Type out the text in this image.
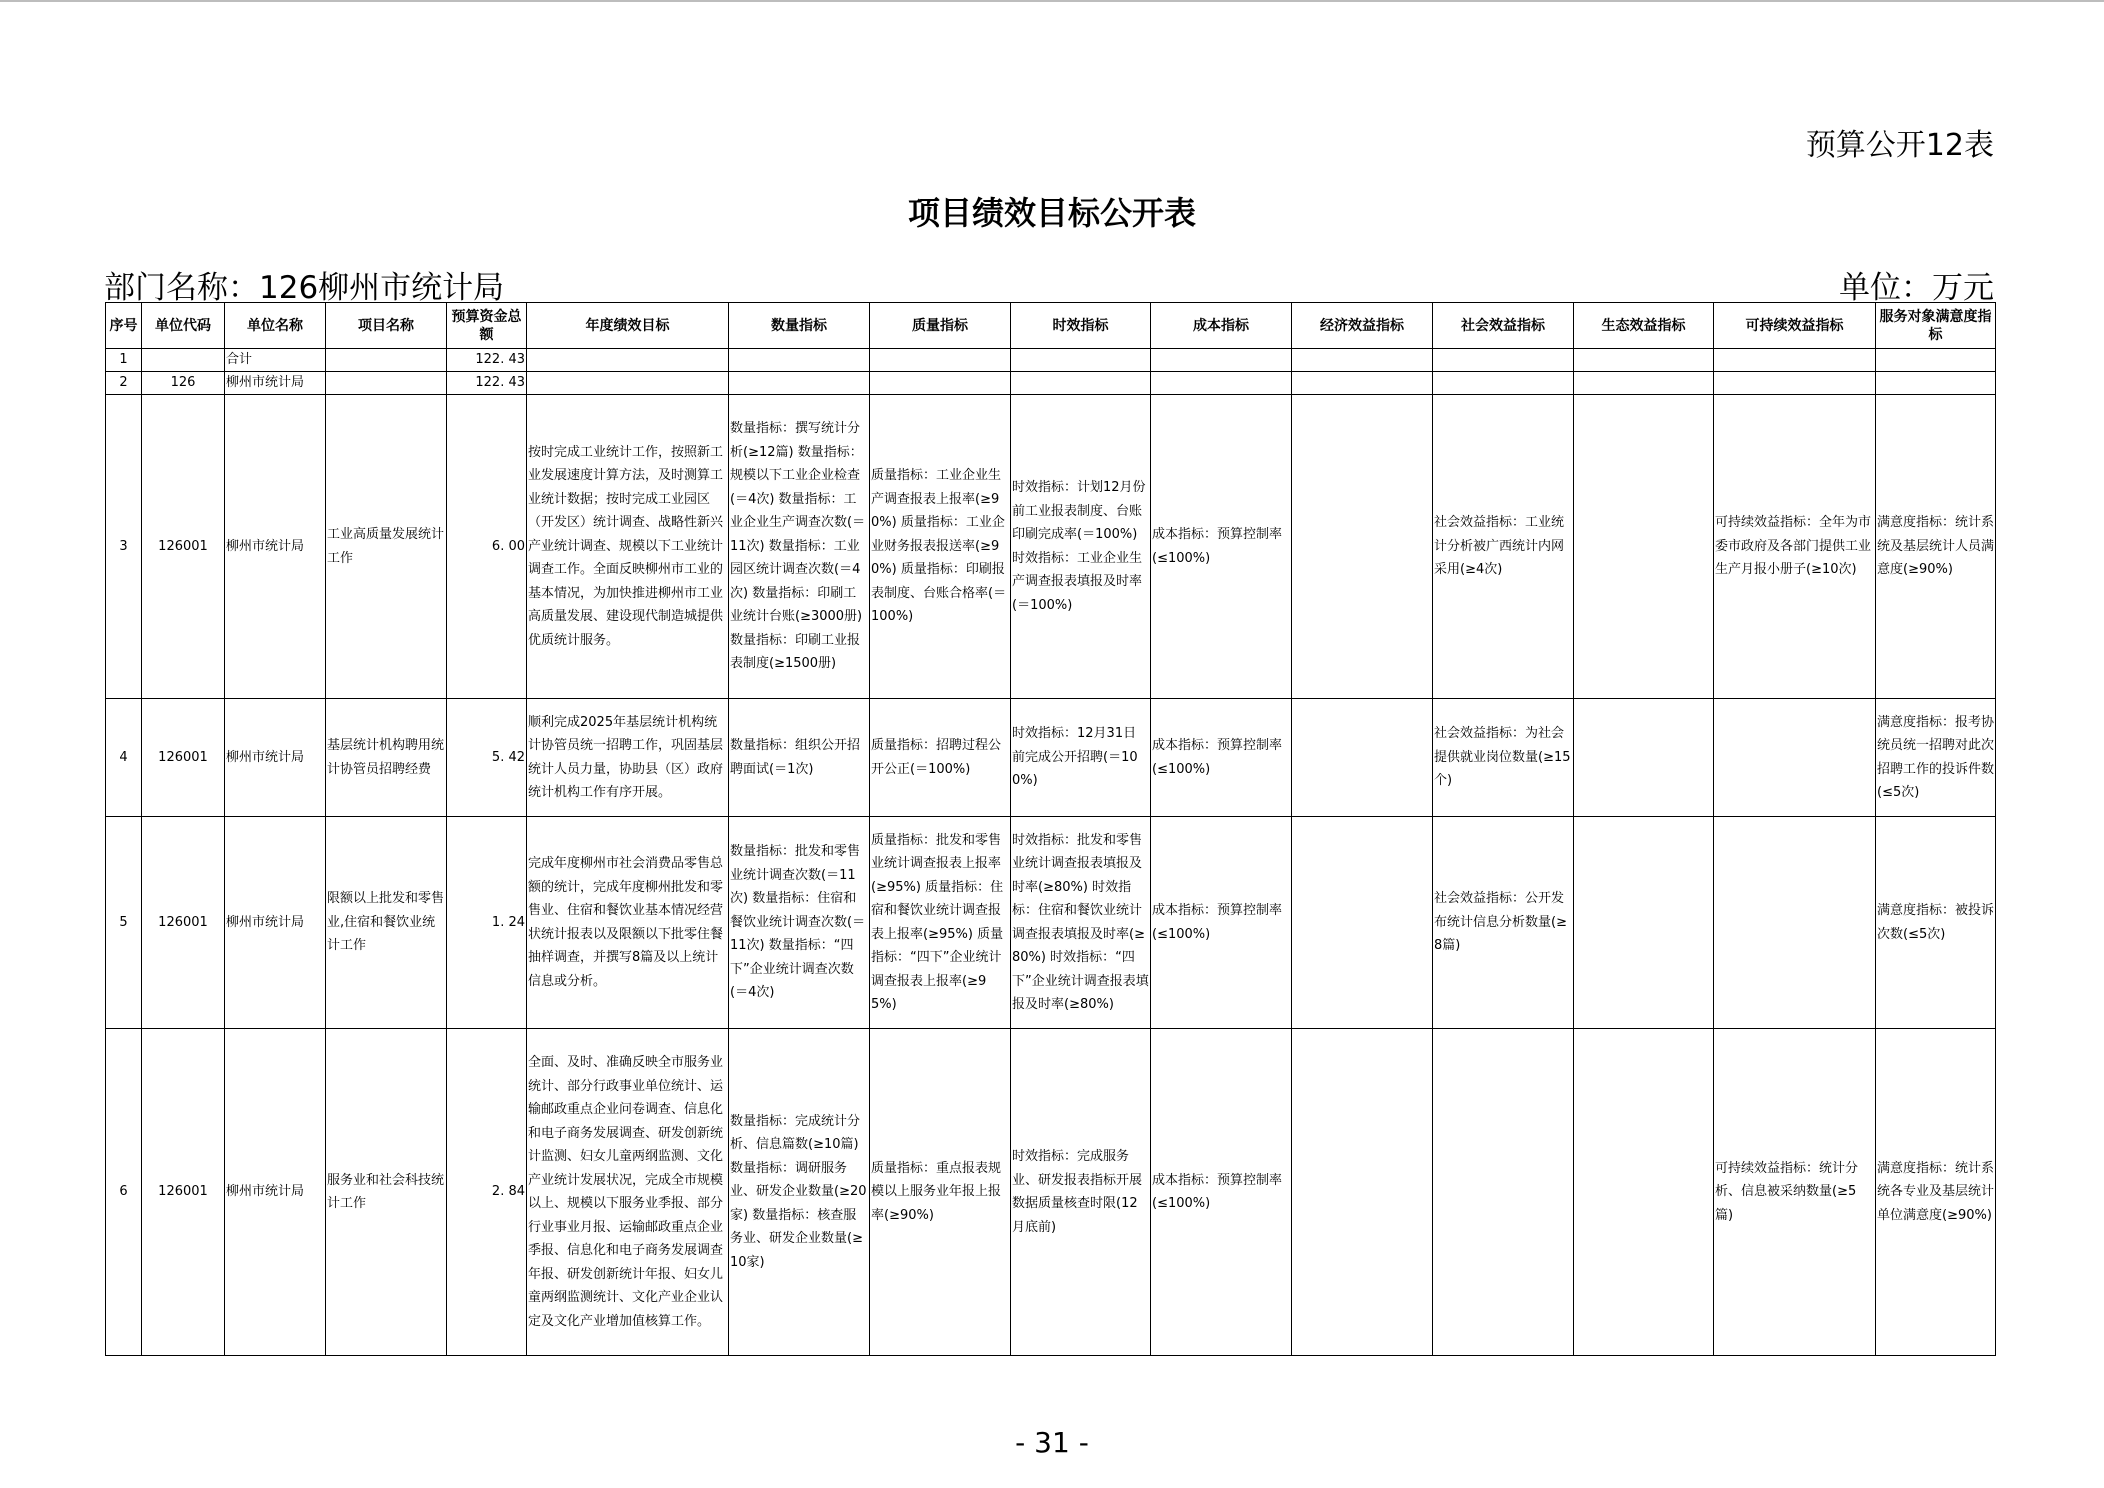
预算公开12表
项目绩效目标公开表
部门名称：126柳州市统计局	单位：万元
序号	单位代码	单位名称	项目名称	预算资金总额	年度绩效目标	数量指标	质量指标	时效指标	成本指标	经济效益指标	社会效益指标	生态效益指标	可持续效益指标	服务对象满意度指标
1		合计		122. 43										
2	126	柳州市统计局		122. 43										
3	126001	柳州市统计局	工业高质量发展统计工作	6. 00	按时完成工业统计工作，按照新工业发展速度计算方法，及时测算工业统计数据；按时完成工业园区（开发区）统计调查、战略性新兴产业统计调查、规模以下工业统计调查工作。全面反映柳州市工业的基本情况，为加快推进柳州市工业高质量发展、建设现代制造城提供优质统计服务。	数量指标：撰写统计分析(≥12篇) 数量指标：规模以下工业企业检查(＝4次) 数量指标：工业企业生产调查次数(＝11次) 数量指标：工业园区统计调查次数(＝4次) 数量指标：印刷工业统计台账(≥3000册) 数量指标：印刷工业报表制度(≥1500册)	质量指标：工业企业生产调查报表上报率(≥90%) 质量指标：工业企业财务报表报送率(≥90%) 质量指标：印刷报表制度、台账合格率(＝100%)	时效指标：计划12月份前工业报表制度、台账印刷完成率(＝100%) 时效指标：工业企业生产调查报表填报及时率(＝100%)	成本指标：预算控制率(≤100%)		社会效益指标：工业统计分析被广西统计内网采用(≥4次)		可持续效益指标：全年为市委市政府及各部门提供工业生产月报小册子(≥10次)	满意度指标：统计系统及基层统计人员满意度(≥90%)
4	126001	柳州市统计局	基层统计机构聘用统计协管员招聘经费	5. 42	顺利完成2025年基层统计机构统计协管员统一招聘工作，巩固基层统计人员力量，协助县（区）政府统计机构工作有序开展。	数量指标：组织公开招聘面试(＝1次)	质量指标：招聘过程公开公正(＝100%)	时效指标：12月31日前完成公开招聘(＝100%)	成本指标：预算控制率(≤100%)		社会效益指标：为社会提供就业岗位数量(≥15个)			满意度指标：报考协统员统一招聘对此次招聘工作的投诉件数(≤5次)
5	126001	柳州市统计局	限额以上批发和零售业,住宿和餐饮业统计工作	1. 24	完成年度柳州市社会消费品零售总额的统计，完成年度柳州批发和零售业、住宿和餐饮业基本情况经营状统计报表以及限额以下批零住餐抽样调查，并撰写8篇及以上统计信息或分析。	数量指标：批发和零售业统计调查次数(＝11次) 数量指标：住宿和餐饮业统计调查次数(＝11次) 数量指标：“四下”企业统计调查次数(＝4次)	质量指标：批发和零售业统计调查报表上报率(≥95%) 质量指标：住宿和餐饮业统计调查报表上报率(≥95%) 质量指标：“四下”企业统计调查报表上报率(≥95%)	时效指标：批发和零售业统计调查报表填报及时率(≥80%) 时效指标：住宿和餐饮业统计调查报表填报及时率(≥80%) 时效指标：“四下”企业统计调查报表填报及时率(≥80%)	成本指标：预算控制率(≤100%)		社会效益指标：公开发布统计信息分析数量(≥8篇)			满意度指标：被投诉次数(≤5次)
6	126001	柳州市统计局	服务业和社会科技统计工作	2. 84	全面、及时、准确反映全市服务业统计、部分行政事业单位统计、运输邮政重点企业问卷调查、信息化和电子商务发展调查、研发创新统计监测、妇女儿童两纲监测、文化产业统计发展状况，完成全市规模以上、规模以下服务业季报、部分行业事业月报、运输邮政重点企业季报、信息化和电子商务发展调查年报、研发创新统计年报、妇女儿童两纲监测统计、文化产业企业认定及文化产业增加值核算工作。	数量指标：完成统计分析、信息篇数(≥10篇) 数量指标：调研服务业、研发企业数量(≥20家) 数量指标：核查服务业、研发企业数量(≥10家)	质量指标：重点报表规模以上服务业年报上报率(≥90%)	时效指标：完成服务业、研发报表指标开展数据质量核查时限(12月底前)	成本指标：预算控制率(≤100%)				可持续效益指标：统计分析、信息被采纳数量(≥5篇)	满意度指标：统计系统各专业及基层统计单位满意度(≥90%)
- 31 -
